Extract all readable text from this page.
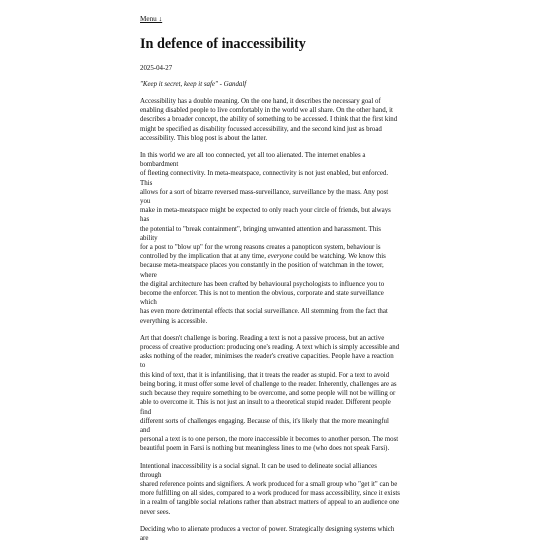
Menu ↓
In defence of inaccessibility
2025-04-27
"Keep it secret, keep it safe" - Gandalf

Accessibility has a double meaning. On the one hand, it describes the necessary goal of
enabling disabled people to live comfortably in the world we all share. On the other hand, it
describes a broader concept, the ability of something to be accessed. I think that the first kind
might be specified as disability focussed accessibility, and the second kind just as broad
accessibility. This blog post is about the latter.

In this world we are all too connected, yet all too alienated. The internet enables a bombardment
of fleeting connectivity. In meta-meatspace, connectivity is not just enabled, but enforced. This
allows for a sort of bizarre reversed mass-surveillance, surveillance by the mass. Any post you
make in meta-meatspace might be expected to only reach your circle of friends, but always has
the potential to "break containment", bringing unwanted attention and harassment. This ability
for a post to "blow up" for the wrong reasons creates a panopticon system, behaviour is
controlled by the implication that at any time, everyone could be watching. We know this
because meta-meatspace places you constantly in the position of watchman in the tower, where
the digital architecture has been crafted by behavioural psychologists to influence you to
become the enforcer. This is not to mention the obvious, corporate and state surveillance which
has even more detrimental effects that social surveillance. All stemming from the fact that
everything is accessible.

Art that doesn't challenge is boring. Reading a text is not a passive process, but an active
process of creative production: producing one's reading. A text which is simply accessible and
asks nothing of the reader, minimises the reader's creative capacities. People have a reaction to
this kind of text, that it is infantilising, that it treats the reader as stupid. For a text to avoid
being boring, it must offer some level of challenge to the reader. Inherently, challenges are as
such because they require something to be overcome, and some people will not be willing or
able to overcome it. This is not just an insult to a theoretical stupid reader. Different people find
different sorts of challenges engaging. Because of this, it's likely that the more meaningful and
personal a text is to one person, the more inaccessible it becomes to another person. The most
beautiful poem in Farsi is nothing but meaningless lines to me (who does not speak Farsi).

Intentional inaccessibility is a social signal. It can be used to delineate social alliances through
shared reference points and signifiers. A work produced for a small group who "get it" can be
more fulfilling on all sides, compared to a work produced for mass accessibility, since it exists
in a realm of tangible social relations rather than abstract matters of appeal to an audience one
never sees.

Deciding who to alienate produces a vector of power. Strategically designing systems which are
